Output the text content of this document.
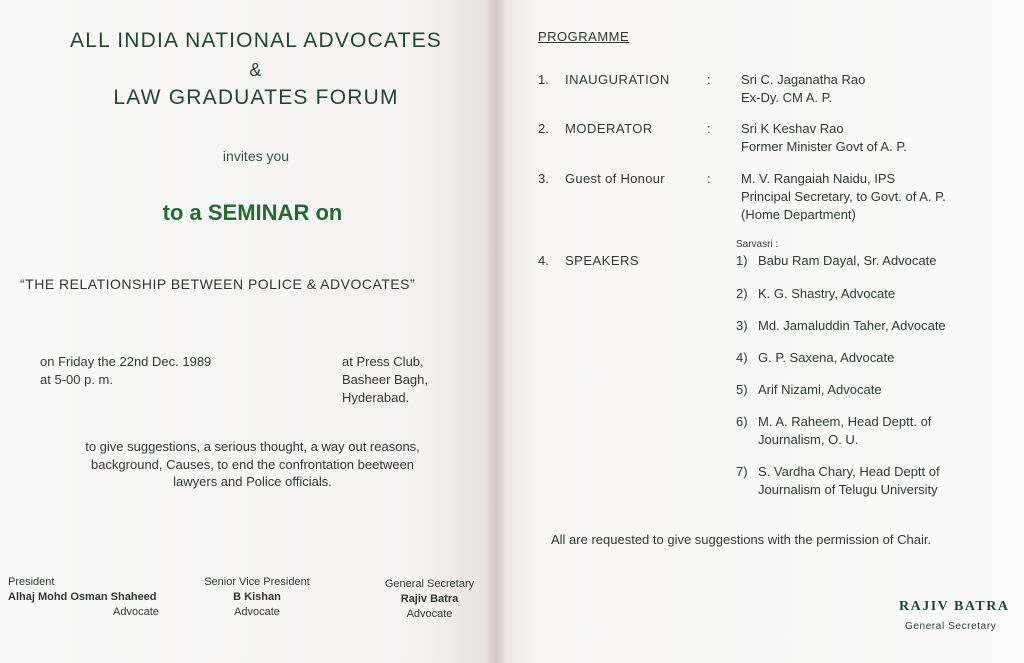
ALL INDIA NATIONAL ADVOCATES
&
LAW GRADUATES FORUM
invites you
to a SEMINAR on
“THE RELATIONSHIP BETWEEN POLICE & ADVOCATES”
on Friday the 22nd Dec. 1989
at 5-00 p. m.
at Press Club,
Basheer Bagh,
Hyderabad.
to give suggestions, a serious thought, a way out reasons,
background, Causes, to end the confrontation beetween
lawyers and Police officials.
President
Alhaj Mohd Osman Shaheed
Advocate
Senior Vice President
B Kishan
Advocate
General Secretary
Rajiv Batra
Advocate
PROGRAMME
1. INAUGURATION	: Sri C. Jaganatha Rao
Ex-Dy. CM A. P.
2. MODERATOR	: Sri K Keshav Rao
Former Minister Govt of A. P.
3. Guest of Honour	: M. V. Rangaiah Naidu, IPS
Principal Secretary, to Govt. of A. P.
(Home Department)
Sarvasri :
4. SPEAKERS	1) Babu Ram Dayal, Sr. Advocate
2) K. G. Shastry, Advocate
3) Md. Jamaluddin Taher, Advocate
4) G. P. Saxena, Advocate
5) Arif Nizami, Advocate
6) M. A. Raheem, Head Deptt. of
Journalism, O. U.
7) S. Vardha Chary, Head Deptt of
Journalism of Telugu University
All are requested to give suggestions with the permission of Chair.
RAJIV BATRA
General Secretary
